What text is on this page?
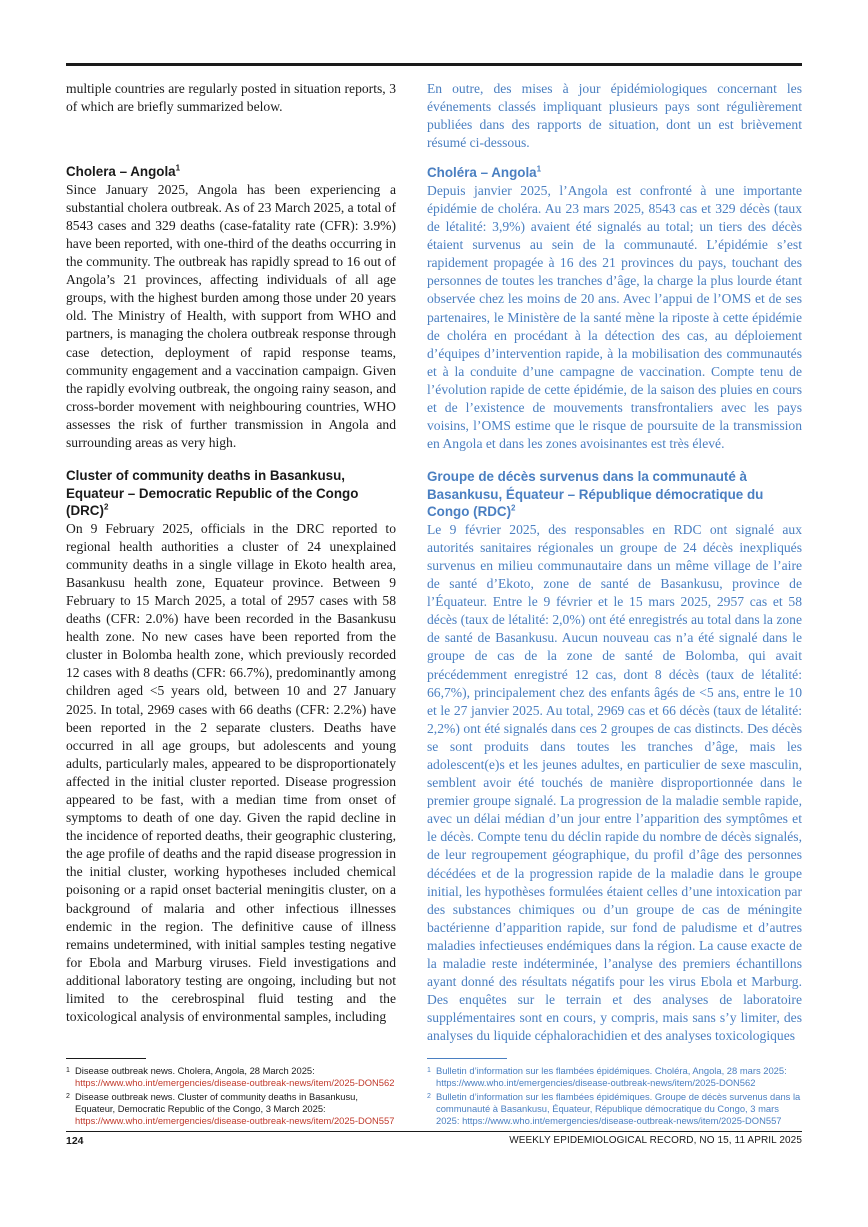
multiple countries are regularly posted in situation reports, 3 of which are briefly summarized below.

Cholera – Angola$^1$

Since January 2025, Angola has been experiencing a substantial cholera outbreak. As of 23 March 2025, a total of 8543 cases and 329 deaths (case-fatality rate (CFR): 3.9%) have been reported, with one-third of the deaths occurring in the community. The outbreak has rapidly spread to 16 out of Angola’s 21 provinces, affecting individuals of all age groups, with the highest burden among those under 20 years old. The Ministry of Health, with support from WHO and partners, is managing the cholera outbreak response through case detection, deployment of rapid response teams, community engagement and a vaccination campaign. Given the rapidly evolving outbreak, the ongoing rainy season, and cross-border movement with neighbouring countries, WHO assesses the risk of further transmission in Angola and surrounding areas as very high.

Cluster of community deaths in Basankusu, Equateur – Democratic Republic of the Congo (DRC)$^2$

On 9 February 2025, officials in the DRC reported to regional health authorities a cluster of 24 unexplained community deaths in a single village in Ekoto health area, Basankusu health zone, Equateur province. Between 9 February to 15 March 2025, a total of 2957 cases with 58 deaths (CFR: 2.0%) have been recorded in the Basankusu health zone. No new cases have been reported from the cluster in Bolomba health zone, which previously recorded 12 cases with 8 deaths (CFR: 66.7%), predominantly among children aged <5 years old, between 10 and 27 January 2025. In total, 2969 cases with 66 deaths (CFR: 2.2%) have been reported in the 2 separate clusters. Deaths have occurred in all age groups, but adolescents and young adults, particularly males, appeared to be disproportionately affected in the initial cluster reported. Disease progression appeared to be fast, with a median time from onset of symptoms to death of one day. Given the rapid decline in the incidence of reported deaths, their geographic clustering, the age profile of deaths and the rapid disease progression in the initial cluster, working hypotheses included chemical poisoning or a rapid onset bacterial meningitis cluster, on a background of malaria and other infectious illnesses endemic in the region. The definitive cause of illness remains undetermined, with initial samples testing negative for Ebola and Marburg viruses. Field investigations and additional laboratory testing are ongoing, including but not limited to the cerebrospinal fluid testing and the toxicological analysis of environmental samples, including

En outre, des mises à jour épidémiologiques concernant les événements classés impliquant plusieurs pays sont régulièrement publiées dans des rapports de situation, dont un est brièvement résumé ci-dessous.

Choléra – Angola$^1$

Depuis janvier 2025, l’Angola est confronté à une importante épidémie de choléra. Au 23 mars 2025, 8543 cas et 329 décès (taux de létalité: 3,9%) avaient été signalés au total; un tiers des décès étaient survenus au sein de la communauté. L’épidémie s’est rapidement propagée à 16 des 21 provinces du pays, touchant des personnes de toutes les tranches d’âge, la charge la plus lourde étant observée chez les moins de 20 ans. Avec l’appui de l’OMS et de ses partenaires, le Ministère de la santé mène la riposte à cette épidémie de choléra en procédant à la détection des cas, au déploiement d’équipes d’intervention rapide, à la mobilisation des communautés et à la conduite d’une campagne de vaccination. Compte tenu de l’évolution rapide de cette épidémie, de la saison des pluies en cours et de l’existence de mouvements transfrontaliers avec les pays voisins, l’OMS estime que le risque de poursuite de la transmission en Angola et dans les zones avoisinantes est très élevé.

Groupe de décès survenus dans la communauté à Basankusu, Équateur – République démocratique du Congo (RDC)$^2$

Le 9 février 2025, des responsables en RDC ont signalé aux autorités sanitaires régionales un groupe de 24 décès inexpliqués survenus en milieu communautaire dans un même village de l’aire de santé d’Ekoto, zone de santé de Basankusu, province de l’Équateur. Entre le 9 février et le 15 mars 2025, 2957 cas et 58 décès (taux de létalité: 2,0%) ont été enregistrés au total dans la zone de santé de Basankusu. Aucun nouveau cas n’a été signalé dans le groupe de cas de la zone de santé de Bolomba, qui avait précédemment enregistré 12 cas, dont 8 décès (taux de létalité: 66,7%), principalement chez des enfants âgés de <5 ans, entre le 10 et le 27 janvier 2025. Au total, 2969 cas et 66 décès (taux de létalité: 2,2%) ont été signalés dans ces 2 groupes de cas distincts. Des décès se sont produits dans toutes les tranches d’âge, mais les adolescent(e)s et les jeunes adultes, en particulier de sexe masculin, semblent avoir été touchés de manière disproportionnée dans le premier groupe signalé. La progression de la maladie semble rapide, avec un délai médian d’un jour entre l’apparition des symptômes et le décès. Compte tenu du déclin rapide du nombre de décès signalés, de leur regroupement géographique, du profil d’âge des personnes décédées et de la progression rapide de la maladie dans le groupe initial, les hypothèses formulées étaient celles d’une intoxication par des substances chimiques ou d’un groupe de cas de méningite bactérienne d’apparition rapide, sur fond de paludisme et d’autres maladies infectieuses endémiques dans la région. La cause exacte de la maladie reste indéterminée, l’analyse des premiers échantillons ayant donné des résultats négatifs pour les virus Ebola et Marburg. Des enquêtes sur le terrain et des analyses de laboratoire supplémentaires sont en cours, y compris, mais sans s’y limiter, des analyses du liquide céphalorachidien et des analyses toxicologiques

1 Disease outbreak news. Cholera, Angola, 28 March 2025: https://www.who.int/emergencies/disease-outbreak-news/item/2025-DON562
2 Disease outbreak news. Cluster of community deaths in Basankusu, Equateur, Democratic Republic of the Congo, 3 March 2025: https://www.who.int/emergencies/disease-outbreak-news/item/2025-DON557
1 Bulletin d’information sur les flambées épidémiques. Choléra, Angola, 28 mars 2025: https://www.who.int/emergencies/disease-outbreak-news/item/2025-DON562
2 Bulletin d’information sur les flambées épidémiques. Groupe de décès survenus dans la communauté à Basankusu, Équateur, République démocratique du Congo, 3 mars 2025: https://www.who.int/emergencies/disease-outbreak-news/item/2025-DON557
124	WEEKLY EPIDEMIOLOGICAL RECORD, NO 15, 11 APRIL 2025
